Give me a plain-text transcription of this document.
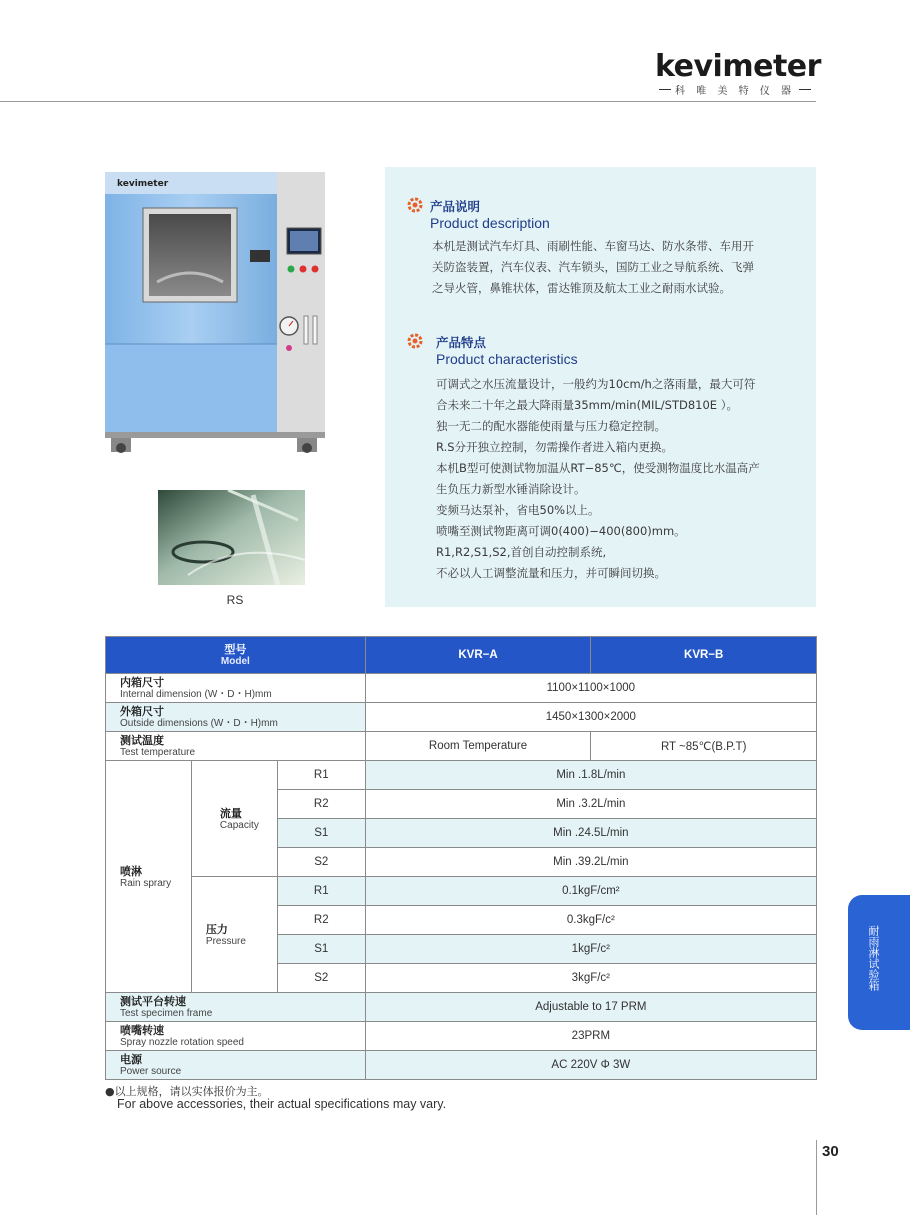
kevimeter
科 唯 美 特 仪 器
kevimeter
RS
产品说明
Product description
本机是测试汽车灯具、雨刷性能、车窗马达、防水条带、车用开
关防盗装置，汽车仪表、汽车锁头，国防工业之导航系统、飞弹
之导火管，鼻锥状体，雷达锥顶及航太工业之耐雨水试验。
产品特点
Product characteristics
可调式之水压流量设计，一般约为10cm/h之落雨量，最大可符
合未来二十年之最大降雨量35mm/min(MIL/STD810E ）。
独一无二的配水器能使雨量与压力稳定控制。
R.S分开独立控制，勿需操作者进入箱内更换。
本机B型可使测试物加温从RT−85℃，使受测物温度比水温高产
生负压力新型水锤消除设计。
变频马达泵补，省电50%以上。
喷嘴至测试物距离可调0(400)−400(800)mm。
R1,R2,S1,S2,首创自动控制系统,
不必以人工调整流量和压力，并可瞬间切换。
型号
Model			KVR−A	KVR−B

内箱尺寸
Internal dimension (W・D・H)mm			1100×1100×1000	

外箱尺寸
Outside dimensions (W・D・H)mm			1450×1300×2000	

测试温度
Test temperature			Room Temperature	RT ~85℃(B.P.T)

喷淋
Rain sprary	流量
Capacity	R1	Min .1.8L/min	
		R2	Min .3.2L/min	
		S1	Min .24.5L/min	
		S2	Min .39.2L/min	

	压力
Pressure	R1	0.1kgF/cm²	
		R2	0.3kgF/c²	
		S1	1kgF/c²	
		S2	3kgF/c²	

测试平台转速
Test specimen frame			Adjustable to 17 PRM	

喷嘴转速
Spray nozzle rotation speed			23PRM	

电源
Power source			AC 220V Φ 3W	
●以上规格，请以实体报价为主。
For above accessories, their actual specifications may vary.
耐雨淋试验箱
30
